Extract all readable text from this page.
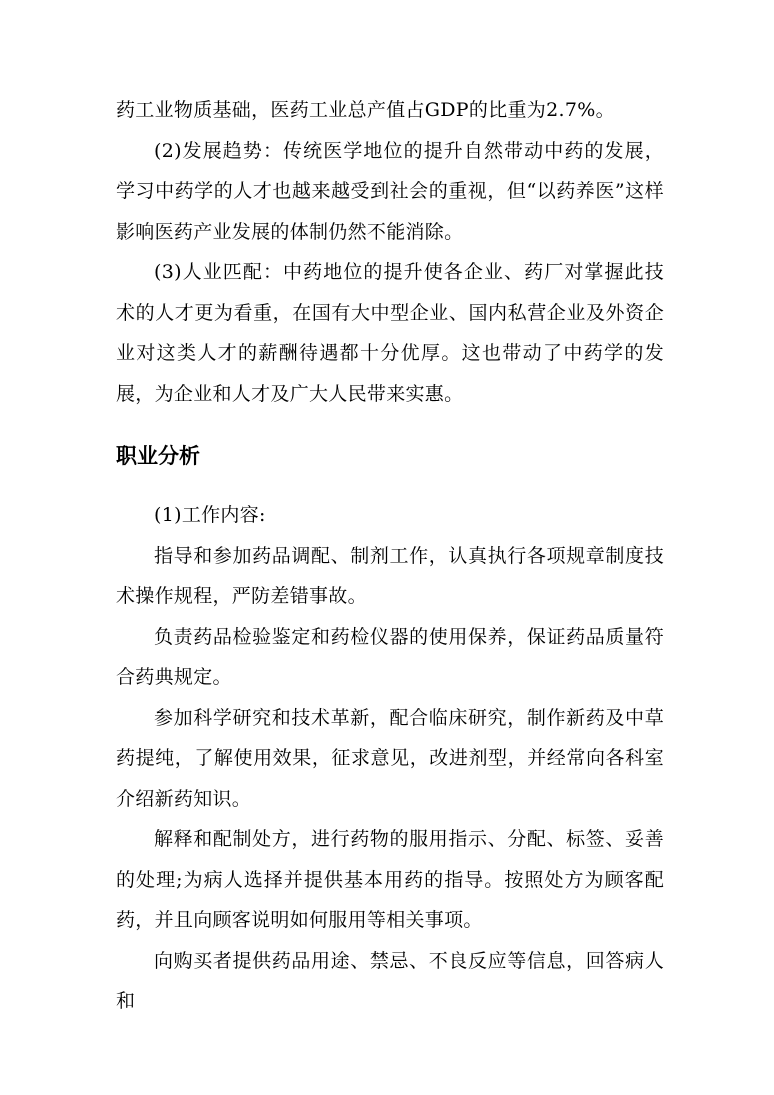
药工业物质基础，医药工业总产值占GDP的比重为2.7%。

(2)发展趋势：传统医学地位的提升自然带动中药的发展，学习中药学的人才也越来越受到社会的重视，但“以药养医”这样影响医药产业发展的体制仍然不能消除。

(3)人业匹配：中药地位的提升使各企业、药厂对掌握此技术的人才更为看重，在国有大中型企业、国内私营企业及外资企业对这类人才的薪酬待遇都十分优厚。这也带动了中药学的发展，为企业和人才及广大人民带来实惠。

职业分析

(1)工作内容:

指导和参加药品调配、制剂工作，认真执行各项规章制度技术操作规程，严防差错事故。

负责药品检验鉴定和药检仪器的使用保养，保证药品质量符合药典规定。

参加科学研究和技术革新，配合临床研究，制作新药及中草药提纯，了解使用效果，征求意见，改进剂型，并经常向各科室介绍新药知识。

解释和配制处方，进行药物的服用指示、分配、标签、妥善的处理;为病人选择并提供基本用药的指导。按照处方为顾客配药，并且向顾客说明如何服用等相关事项。

向购买者提供药品用途、禁忌、不良反应等信息，回答病人和
